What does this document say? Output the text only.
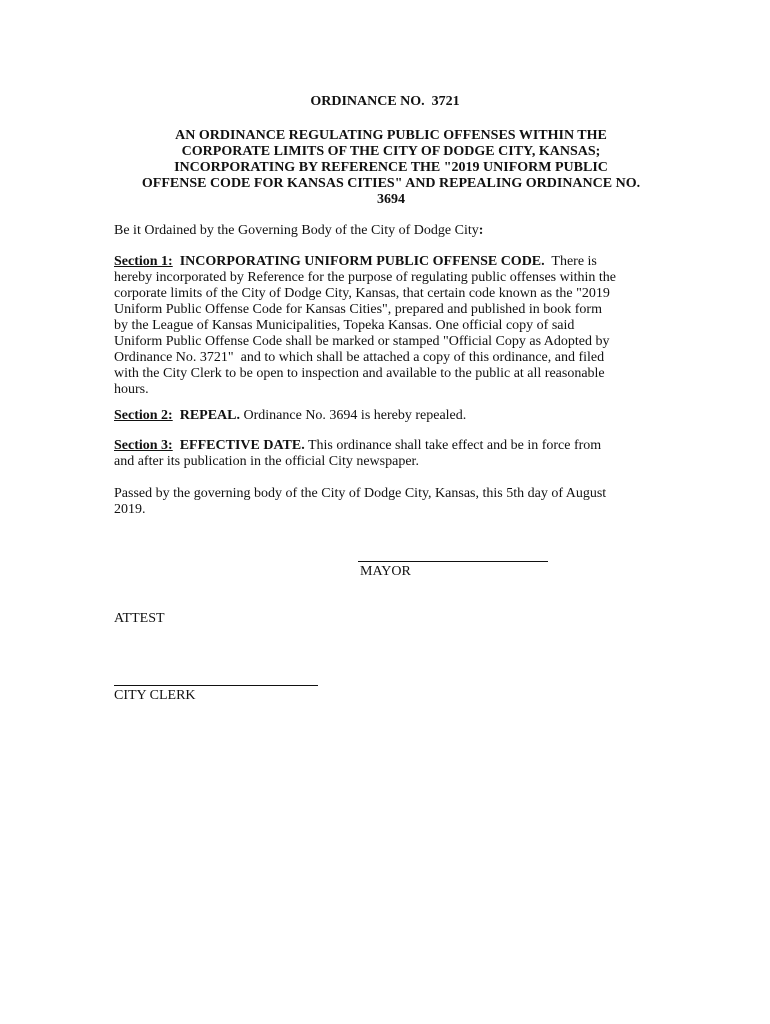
ORDINANCE NO.  3721
AN ORDINANCE REGULATING PUBLIC OFFENSES WITHIN THE
CORPORATE LIMITS OF THE CITY OF DODGE CITY, KANSAS;
INCORPORATING BY REFERENCE THE "2019 UNIFORM PUBLIC
OFFENSE CODE FOR KANSAS CITIES" AND REPEALING ORDINANCE NO.
3694
Be it Ordained by the Governing Body of the City of Dodge City:
Section 1: INCORPORATING UNIFORM PUBLIC OFFENSE CODE.  There is
hereby incorporated by Reference for the purpose of regulating public offenses within the
corporate limits of the City of Dodge City, Kansas, that certain code known as the "2019
Uniform Public Offense Code for Kansas Cities", prepared and published in book form
by the League of Kansas Municipalities, Topeka Kansas. One official copy of said
Uniform Public Offense Code shall be marked or stamped "Official Copy as Adopted by
Ordinance No. 3721"  and to which shall be attached a copy of this ordinance, and filed
with the City Clerk to be open to inspection and available to the public at all reasonable
hours.
Section 2: REPEAL. Ordinance No. 3694 is hereby repealed.
Section 3: EFFECTIVE DATE. This ordinance shall take effect and be in force from
and after its publication in the official City newspaper.
Passed by the governing body of the City of Dodge City, Kansas, this 5th day of August
2019.
MAYOR
ATTEST
CITY CLERK
